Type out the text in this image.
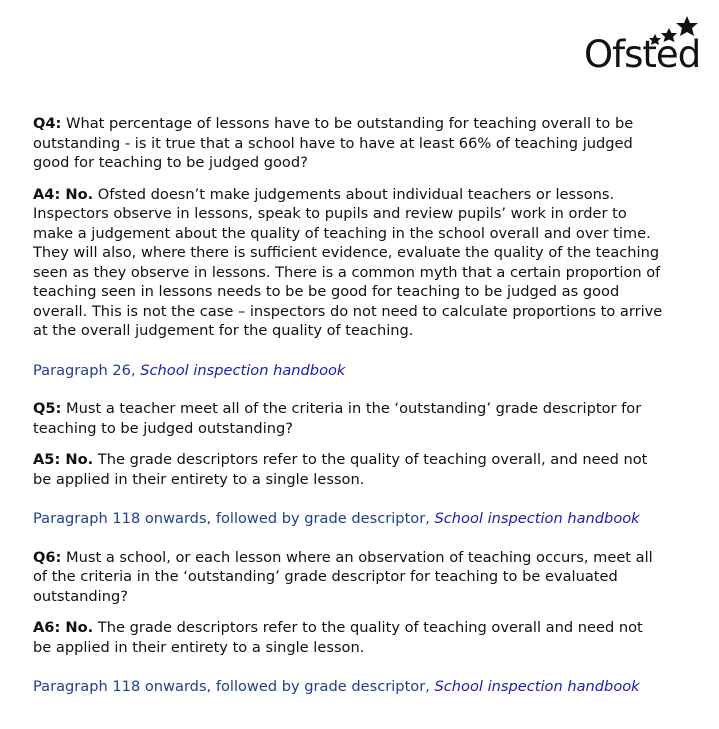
Ofsted

Q4: What percentage of lessons have to be outstanding for teaching overall to be outstanding - is it true that a school have to have at least 66% of teaching judged good for teaching to be judged good?

A4: No. Ofsted doesn’t make judgements about individual teachers or lessons. Inspectors observe in lessons, speak to pupils and review pupils’ work in order to make a judgement about the quality of teaching in the school overall and over time. They will also, where there is sufficient evidence, evaluate the quality of the teaching seen as they observe in lessons. There is a common myth that a certain proportion of teaching seen in lessons needs to be be good for teaching to be judged as good overall. This is not the case – inspectors do not need to calculate proportions to arrive at the overall judgement for the quality of teaching.

Paragraph 26, School inspection handbook

Q5: Must a teacher meet all of the criteria in the ‘outstanding’ grade descriptor for teaching to be judged outstanding?

A5: No. The grade descriptors refer to the quality of teaching overall, and need not be applied in their entirety to a single lesson.

Paragraph 118 onwards, followed by grade descriptor, School inspection handbook

Q6: Must a school, or each lesson where an observation of teaching occurs, meet all of the criteria in the ‘outstanding’ grade descriptor for teaching to be evaluated outstanding?

A6: No. The grade descriptors refer to the quality of teaching overall and need not be applied in their entirety to a single lesson.

Paragraph 118 onwards, followed by grade descriptor, School inspection handbook
